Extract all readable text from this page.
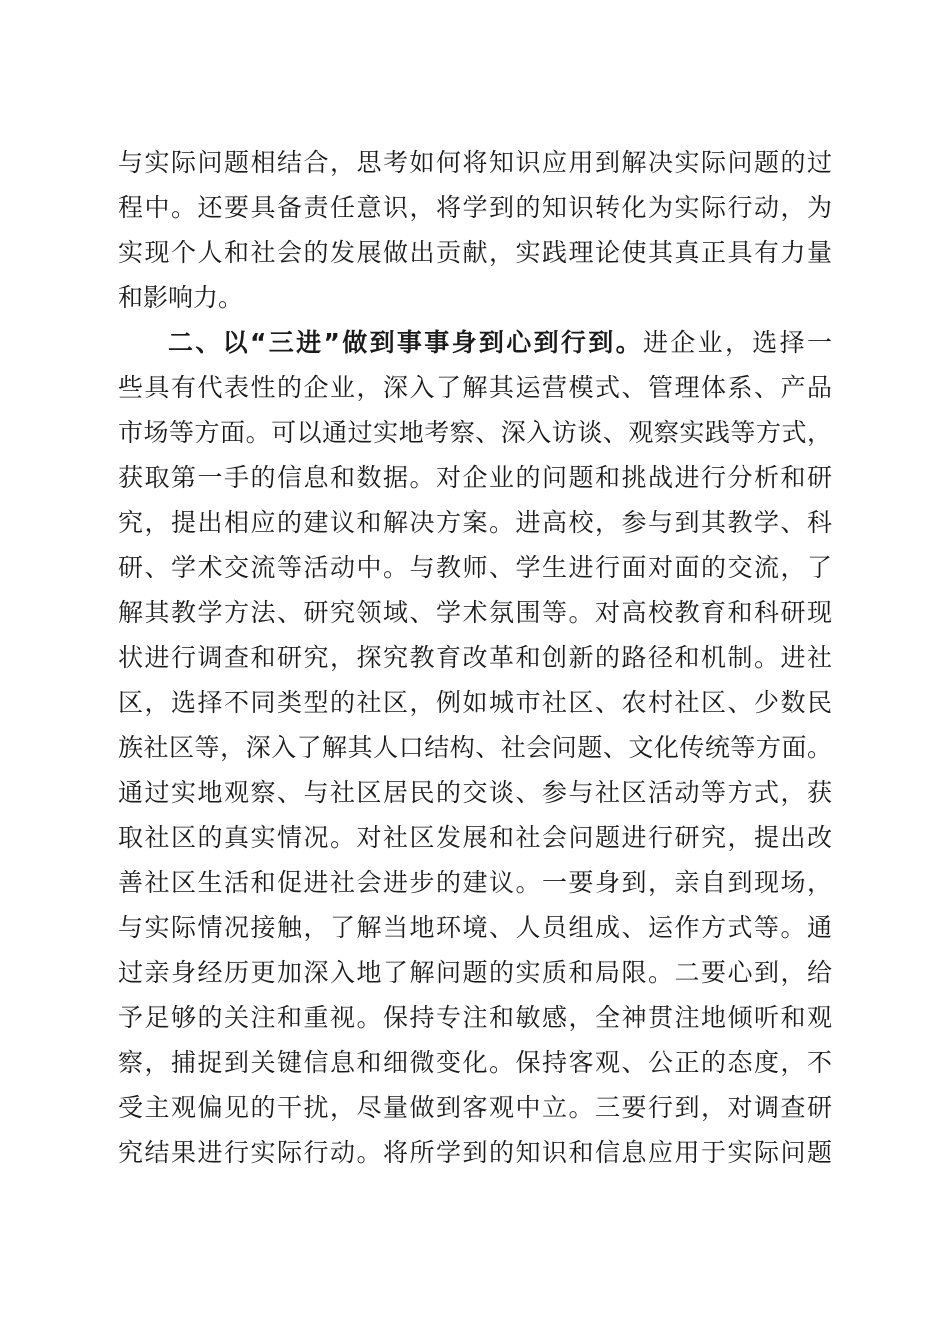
与实际问题相结合，思考如何将知识应用到解决实际问题的过
程中。还要具备责任意识，将学到的知识转化为实际行动，为
实现个人和社会的发展做出贡献，实践理论使其真正具有力量
和影响力。
二、以“三进”做到事事身到心到行到。进企业，选择一
些具有代表性的企业，深入了解其运营模式、管理体系、产品
市场等方面。可以通过实地考察、深入访谈、观察实践等方式，
获取第一手的信息和数据。对企业的问题和挑战进行分析和研
究，提出相应的建议和解决方案。进高校，参与到其教学、科
研、学术交流等活动中。与教师、学生进行面对面的交流，了
解其教学方法、研究领域、学术氛围等。对高校教育和科研现
状进行调查和研究，探究教育改革和创新的路径和机制。进社
区，选择不同类型的社区，例如城市社区、农村社区、少数民
族社区等，深入了解其人口结构、社会问题、文化传统等方面。
通过实地观察、与社区居民的交谈、参与社区活动等方式，获
取社区的真实情况。对社区发展和社会问题进行研究，提出改
善社区生活和促进社会进步的建议。一要身到，亲自到现场，
与实际情况接触，了解当地环境、人员组成、运作方式等。通
过亲身经历更加深入地了解问题的实质和局限。二要心到，给
予足够的关注和重视。保持专注和敏感，全神贯注地倾听和观
察，捕捉到关键信息和细微变化。保持客观、公正的态度，不
受主观偏见的干扰，尽量做到客观中立。三要行到，对调查研
究结果进行实际行动。将所学到的知识和信息应用于实际问题
